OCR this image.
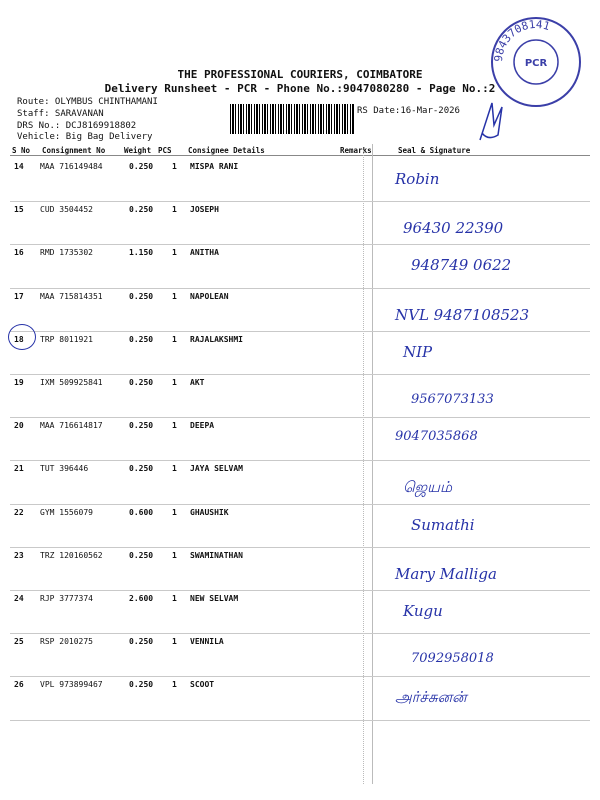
THE PROFESSIONAL COURIERS, COIMBATORE
Delivery Runsheet - PCR - Phone No.:9047080280 - Page No.:2
Route: OLYMBUS CHINTHAMANI
Staff: SARAVANAN
DRS No.: DCJ8169918802
Vehicle: Big Bag Delivery
RS Date:16-Mar-2026
9843708141
PCR
S No Consignment No	Weight PCS Consignee Details	Remarks	Seal & Signature
14 MAA 716149484	0.250 1 MISPA RANI
Robin
15 CUD 3504452	0.250 1 JOSEPH
96430 22390
16 RMD 1735302	1.150 1 ANITHA
948749 0622
17 MAA 715814351	0.250 1 NAPOLEAN
NVL 9487108523
18 TRP 8011921	0.250 1 RAJALAKSHMI
NIP
19 IXM 509925841	0.250 1 AKT
9567073133
20 MAA 716614817	0.250 1 DEEPA
9047035868
21 TUT 396446	0.250 1 JAYA SELVAM
ஜெயம்
22 GYM 1556079	0.600 1 GHAUSHIK
Sumathi
23 TRZ 120160562	0.250 1 SWAMINATHAN
Mary Malliga
24 RJP 3777374	2.600 1 NEW SELVAM
Kugu
25 RSP 2010275	0.250 1 VENNILA
7092958018
26 VPL 973899467	0.250 1 SCOOT
அர்ச்சுனன்
